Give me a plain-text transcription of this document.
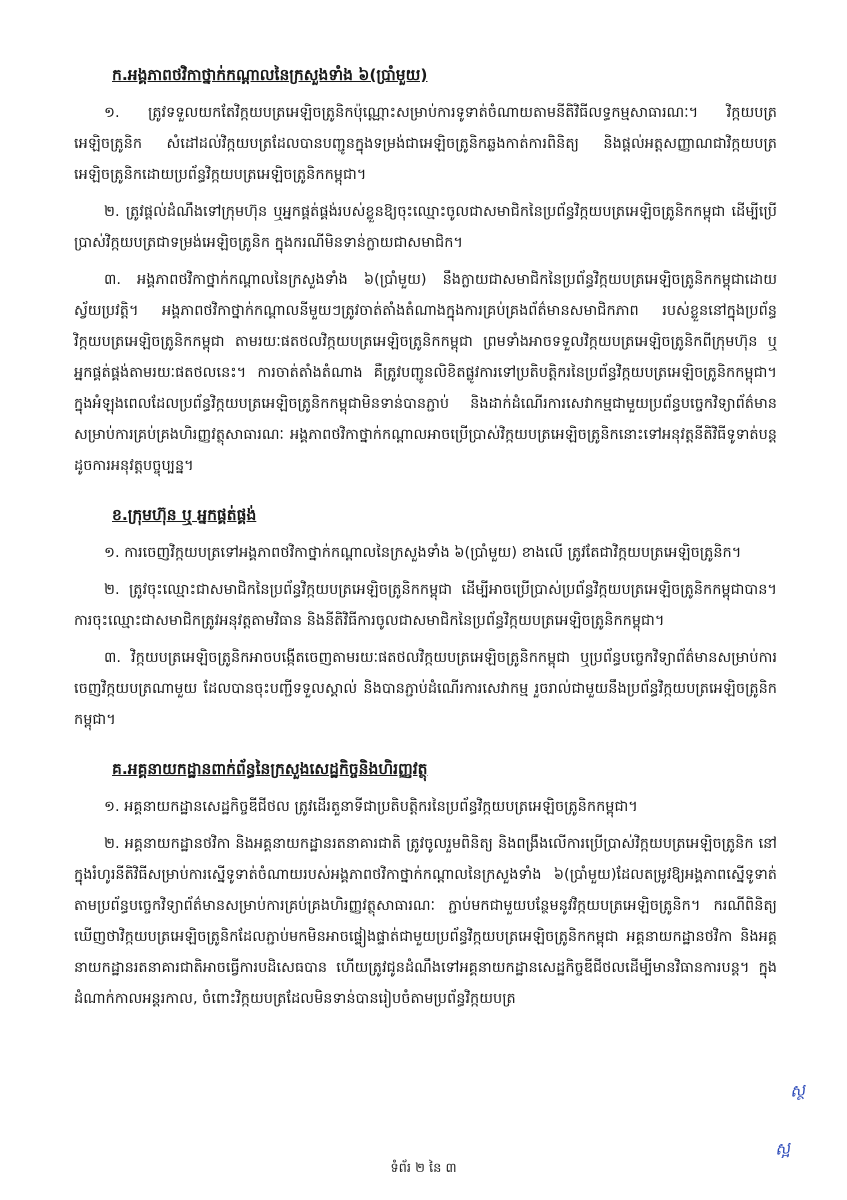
ក.អង្គភាពថវិកាថ្នាក់កណ្តាលនៃក្រសួងទាំង ៦(ប្រាំមួយ)

១. ត្រូវទទួលយកតែវិក្កយបត្រអេឡិចត្រូនិកប៉ុណ្ណោះសម្រាប់ការទូទាត់ចំណាយតាមនីតិវិធីលទ្ធកម្មសាធារណៈ។ វិក្កយបត្រអេឡិចត្រូនិក សំដៅដល់វិក្កយបត្រដែលបានបញ្ជូនក្នុងទម្រង់ជាអេឡិចត្រូនិកឆ្លងកាត់ការពិនិត្យ និងផ្តល់អត្តសញ្ញាណជាវិក្កយបត្រអេឡិចត្រូនិកដោយប្រព័ន្ធវិក្កយបត្រអេឡិចត្រូនិកកម្ពុជា។

២. ត្រូវផ្តល់ដំណឹងទៅក្រុមហ៊ុន ឬអ្នកផ្គត់ផ្គង់របស់ខ្លួនឱ្យចុះឈ្មោះចូលជាសមាជិកនៃប្រព័ន្ធវិក្កយបត្រអេឡិចត្រូនិកកម្ពុជា ដើម្បីប្រើប្រាស់វិក្កយបត្រជាទម្រង់អេឡិចត្រូនិក ក្នុងករណីមិនទាន់ក្លាយជាសមាជិក។

៣. អង្គភាពថវិកាថ្នាក់កណ្តាលនៃក្រសួងទាំង ៦(ប្រាំមួយ) នឹងក្លាយជាសមាជិកនៃប្រព័ន្ធវិក្កយបត្រអេឡិចត្រូនិកកម្ពុជាដោយស្វ័យប្រវត្តិ។ អង្គភាពថវិកាថ្នាក់កណ្តាលនីមួយៗត្រូវចាត់តាំងតំណាងក្នុងការគ្រប់គ្រងព័ត៌មានសមាជិកភាព របស់ខ្លួននៅក្នុងប្រព័ន្ធវិក្កយបត្រអេឡិចត្រូនិកកម្ពុជា តាមរយៈផតថលវិក្កយបត្រអេឡិចត្រូនិកកម្ពុជា ព្រមទាំងអាចទទួលវិក្កយបត្រអេឡិចត្រូនិកពីក្រុមហ៊ុន ឬអ្នកផ្គត់ផ្គង់តាមរយៈផតថលនេះ។ ការចាត់តាំងតំណាង គឺត្រូវបញ្ជូនលិខិតផ្លូវការទៅប្រតិបត្តិករនៃប្រព័ន្ធវិក្កយបត្រអេឡិចត្រូនិកកម្ពុជា។ ក្នុងអំឡុងពេលដែលប្រព័ន្ធវិក្កយបត្រអេឡិចត្រូនិកកម្ពុជាមិនទាន់បានភ្ជាប់ និងដាក់ដំណើរការសេវាកម្មជាមួយប្រព័ន្ធបច្ចេកវិទ្យាព័ត៌មានសម្រាប់ការគ្រប់គ្រងហិរញ្ញវត្ថុសាធារណៈ អង្គភាពថវិកាថ្នាក់កណ្តាលអាចប្រើប្រាស់វិក្កយបត្រអេឡិចត្រូនិកនោះទៅអនុវត្តនីតិវិធីទូទាត់បន្តដូចការអនុវត្តបច្ចុប្បន្ន។

ខ.ក្រុមហ៊ុន ឬ អ្នកផ្គត់ផ្គង់

១. ការចេញវិក្កយបត្រទៅអង្គភាពថវិកាថ្នាក់កណ្តាលនៃក្រសួងទាំង ៦(ប្រាំមួយ) ខាងលើ ត្រូវតែជាវិក្កយបត្រអេឡិចត្រូនិក។

២. ត្រូវចុះឈ្មោះជាសមាជិកនៃប្រព័ន្ធវិក្កយបត្រអេឡិចត្រូនិកកម្ពុជា ដើម្បីអាចប្រើប្រាស់ប្រព័ន្ធវិក្កយបត្រអេឡិចត្រូនិកកម្ពុជាបាន។ ការចុះឈ្មោះជាសមាជិកត្រូវអនុវត្តតាមវិធាន និងនីតិវិធីការចូលជាសមាជិកនៃប្រព័ន្ធវិក្កយបត្រអេឡិចត្រូនិកកម្ពុជា។

៣. វិក្កយបត្រអេឡិចត្រូនិកអាចបង្កើតចេញតាមរយៈផតថលវិក្កយបត្រអេឡិចត្រូនិកកម្ពុជា ឬប្រព័ន្ធបច្ចេកវិទ្យាព័ត៌មានសម្រាប់ការចេញវិក្កយបត្រណាមួយ ដែលបានចុះបញ្ជីទទួលស្គាល់ និងបានភ្ជាប់ដំណើរការសេវាកម្ម រួចរាល់ជាមួយនឹងប្រព័ន្ធវិក្កយបត្រអេឡិចត្រូនិកកម្ពុជា។

គ.អគ្គនាយកដ្ឋានពាក់ព័ន្ធនៃក្រសួងសេដ្ឋកិច្ចនិងហិរញ្ញវត្ថុ

១. អគ្គនាយកដ្ឋានសេដ្ឋកិច្ចឌីជីថល ត្រូវដើរតួនាទីជាប្រតិបត្តិករនៃប្រព័ន្ធវិក្កយបត្រអេឡិចត្រូនិកកម្ពុជា។

២. អគ្គនាយកដ្ឋានថវិកា និងអគ្គនាយកដ្ឋានរតនាគារជាតិ ត្រូវចូលរួមពិនិត្យ និងពង្រឹងលើការប្រើប្រាស់វិក្កយបត្រអេឡិចត្រូនិក នៅក្នុងរំហូរនីតិវិធីសម្រាប់ការស្នើទូទាត់ចំណាយរបស់អង្គភាពថវិកាថ្នាក់កណ្តាលនៃក្រសួងទាំង ៦(ប្រាំមួយ)ដែលតម្រូវឱ្យអង្គភាពស្នើទូទាត់តាមប្រព័ន្ធបច្ចេកវិទ្យាព័ត៌មានសម្រាប់ការគ្រប់គ្រងហិរញ្ញវត្ថុសាធារណៈ ភ្ជាប់មកជាមួយបន្ថែមនូវវិក្កយបត្រអេឡិចត្រូនិក។ ករណីពិនិត្យឃើញថាវិក្កយបត្រអេឡិចត្រូនិកដែលភ្ជាប់មកមិនអាចផ្ទៀងផ្ទាត់ជាមួយប្រព័ន្ធវិក្កយបត្រអេឡិចត្រូនិកកម្ពុជា អគ្គនាយកដ្ឋានថវិកា និងអគ្គនាយកដ្ឋានរតនាគារជាតិអាចធ្វើការបដិសេធបាន ហើយត្រូវជូនដំណឹងទៅអគ្គនាយកដ្ឋានសេដ្ឋកិច្ចឌីជីថលដើម្បីមានវិធានការបន្ត។ ក្នុងដំណាក់កាលអន្តរកាល, ចំពោះវិក្កយបត្រដែលមិនទាន់បានរៀបចំតាមប្រព័ន្ធវិក្កយបត្រ

ស្ថ
ស្អ
ទំព័រ ២ នៃ ៣
